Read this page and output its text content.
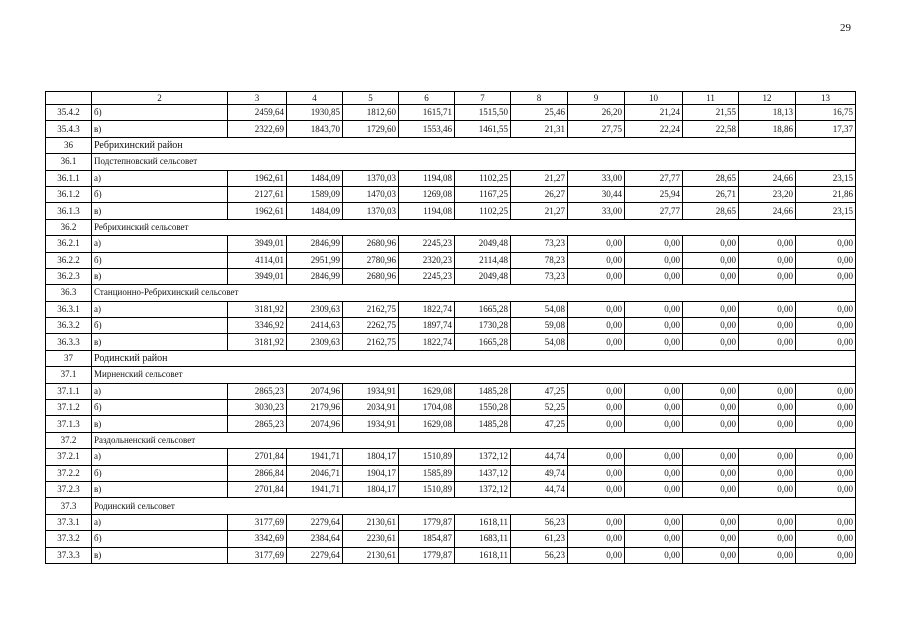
29
	2	3	4	5	6	7	8	9	10	11	12	13
35.4.2	б)	2459,64	1930,85	1812,60	1615,71	1515,50	25,46	26,20	21,24	21,55	18,13	16,75
35.4.3	в)	2322,69	1843,70	1729,60	1553,46	1461,55	21,31	27,75	22,24	22,58	18,86	17,37
36	Ребрихинский район											
36.1	Подстепновский сельсовет											
36.1.1	а)	1962,61	1484,09	1370,03	1194,08	1102,25	21,27	33,00	27,77	28,65	24,66	23,15
36.1.2	б)	2127,61	1589,09	1470,03	1269,08	1167,25	26,27	30,44	25,94	26,71	23,20	21,86
36.1.3	в)	1962,61	1484,09	1370,03	1194,08	1102,25	21,27	33,00	27,77	28,65	24,66	23,15
36.2	Ребрихинский сельсовет											
36.2.1	а)	3949,01	2846,99	2680,96	2245,23	2049,48	73,23	0,00	0,00	0,00	0,00	0,00
36.2.2	б)	4114,01	2951,99	2780,96	2320,23	2114,48	78,23	0,00	0,00	0,00	0,00	0,00
36.2.3	в)	3949,01	2846,99	2680,96	2245,23	2049,48	73,23	0,00	0,00	0,00	0,00	0,00
36.3	Станционно-Ребрихинский сельсовет											
36.3.1	а)	3181,92	2309,63	2162,75	1822,74	1665,28	54,08	0,00	0,00	0,00	0,00	0,00
36.3.2	б)	3346,92	2414,63	2262,75	1897,74	1730,28	59,08	0,00	0,00	0,00	0,00	0,00
36.3.3	в)	3181,92	2309,63	2162,75	1822,74	1665,28	54,08	0,00	0,00	0,00	0,00	0,00
37	Родинский район											
37.1	Мирненский сельсовет											
37.1.1	а)	2865,23	2074,96	1934,91	1629,08	1485,28	47,25	0,00	0,00	0,00	0,00	0,00
37.1.2	б)	3030,23	2179,96	2034,91	1704,08	1550,28	52,25	0,00	0,00	0,00	0,00	0,00
37.1.3	в)	2865,23	2074,96	1934,91	1629,08	1485,28	47,25	0,00	0,00	0,00	0,00	0,00
37.2	Раздольненский сельсовет											
37.2.1	а)	2701,84	1941,71	1804,17	1510,89	1372,12	44,74	0,00	0,00	0,00	0,00	0,00
37.2.2	б)	2866,84	2046,71	1904,17	1585,89	1437,12	49,74	0,00	0,00	0,00	0,00	0,00
37.2.3	в)	2701,84	1941,71	1804,17	1510,89	1372,12	44,74	0,00	0,00	0,00	0,00	0,00
37.3	Родинский сельсовет											
37.3.1	а)	3177,69	2279,64	2130,61	1779,87	1618,11	56,23	0,00	0,00	0,00	0,00	0,00
37.3.2	б)	3342,69	2384,64	2230,61	1854,87	1683,11	61,23	0,00	0,00	0,00	0,00	0,00
37.3.3	в)	3177,69	2279,64	2130,61	1779,87	1618,11	56,23	0,00	0,00	0,00	0,00	0,00
